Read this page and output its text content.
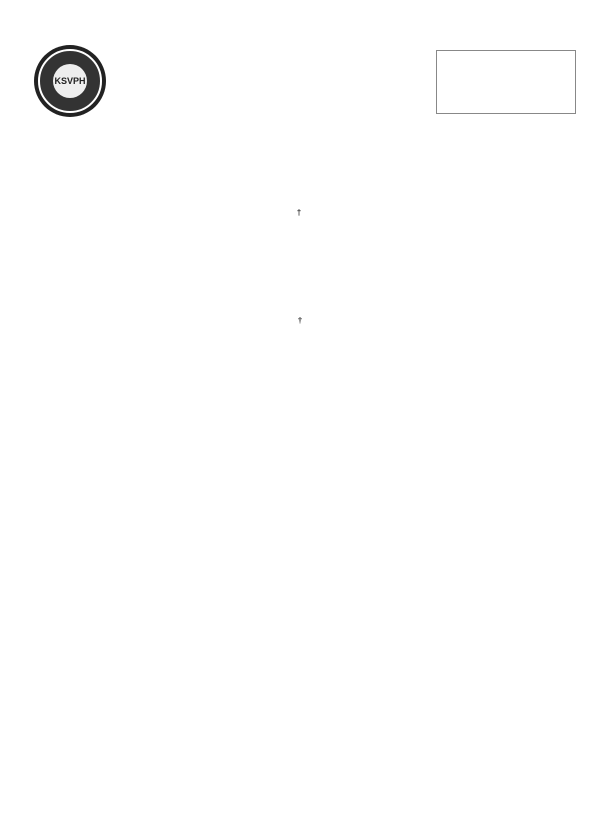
KSVPH
†
†
